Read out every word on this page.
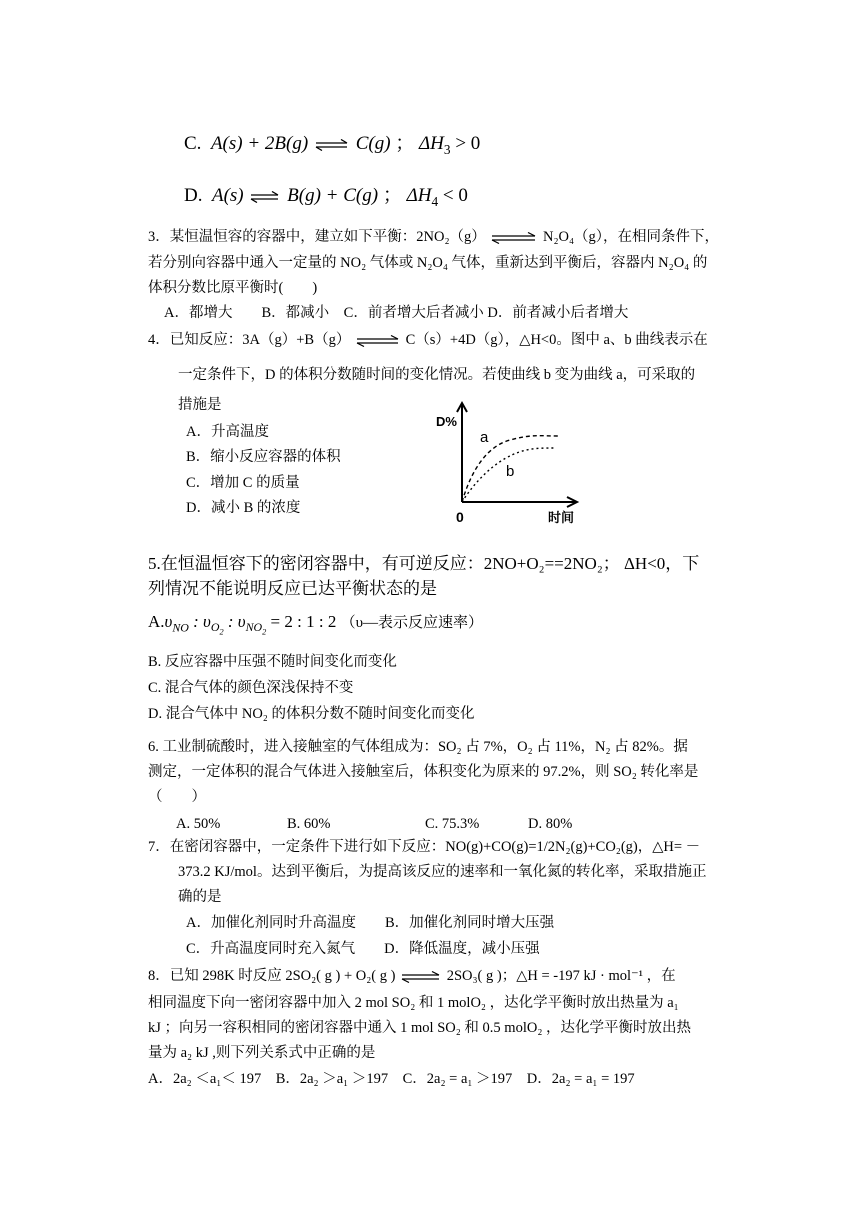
C. A(s) + 2B(g) ⇌ C(g) ； $\Delta H_3 > 0$
D. A(s) ⇌ B(g) + C(g) ； $\Delta H_4 < 0$
3．某恒温恒容的容器中，建立如下平衡：2NO₂（g） ⇌ N₂O₄（g），在相同条件下，
若分别向容器中通入一定量的 NO₂ 气体或 N₂O₄ 气体，重新达到平衡后，容器内 N₂O₄ 的
体积分数比原平衡时(　　)
A．都增大　　B．都减小　C．前者增大后者减小 D．前者减小后者增大
4．已知反应：3A（g）+B（g） ⇌ C（s）+4D（g），△H<0。图中 a、b 曲线表示在
一定条件下，D 的体积分数随时间的变化情况。若使曲线 b 变为曲线 a，可采取的
措施是
A．升高温度
B．缩小反应容器的体积
C．增加 C 的质量
D．减小 B 的浓度
D%
a
b
0	时间
5.在恒温恒容下的密闭容器中，有可逆反应：2NO+O₂==2NO₂； ΔH<0，下
列情况不能说明反应已达平衡状态的是
$A.\upsilon_{NO}$ : $\upsilon_{O_2}$ : $\upsilon_{NO_2} = 2$ : 1 : 2 （υ—表示反应速率）
B. 反应容器中压强不随时间变化而变化
C. 混合气体的颜色深浅保持不变
D. 混合气体中 NO₂ 的体积分数不随时间变化而变化
6. 工业制硫酸时，进入接触室的气体组成为：SO₂ 占 7%，O₂ 占 11%，N₂ 占 82%。据
测定，一定体积的混合气体进入接触室后，体积变化为原来的 97.2%，则 SO₂ 转化率是
（　　）
A. 50%	B. 60%	C. 75.3%	D. 80%
7．在密闭容器中，一定条件下进行如下反应：NO(g)+CO(g)=1/2N₂(g)+CO₂(g)，△H= －
373.2 KJ/mol。达到平衡后，为提高该反应的速率和一氧化氮的转化率，采取措施正
确的是
A．加催化剂同时升高温度　　B．加催化剂同时增大压强
C．升高温度同时充入氮气　　D．降低温度，减小压强
8．已知 298K 时反应 2SO₂( g ) + O₂( g ) ⇌ 2SO₃( g )；△H = -197 kJ · mol⁻¹ ，在
相同温度下向一密闭容器中加入 2 mol SO₂ 和 1 molO₂ ，达化学平衡时放出热量为 a₁
kJ ；向另一容积相同的密闭容器中通入 1 mol SO₂ 和 0.5 molO₂ ，达化学平衡时放出热
量为 a₂ kJ ,则下列关系式中正确的是
A．2a₂ ＜a₁＜ 197　B．2a₂ ＞a₁ ＞197　C．2a₂ = a₁ ＞197　D．2a₂ = a₁ = 197
